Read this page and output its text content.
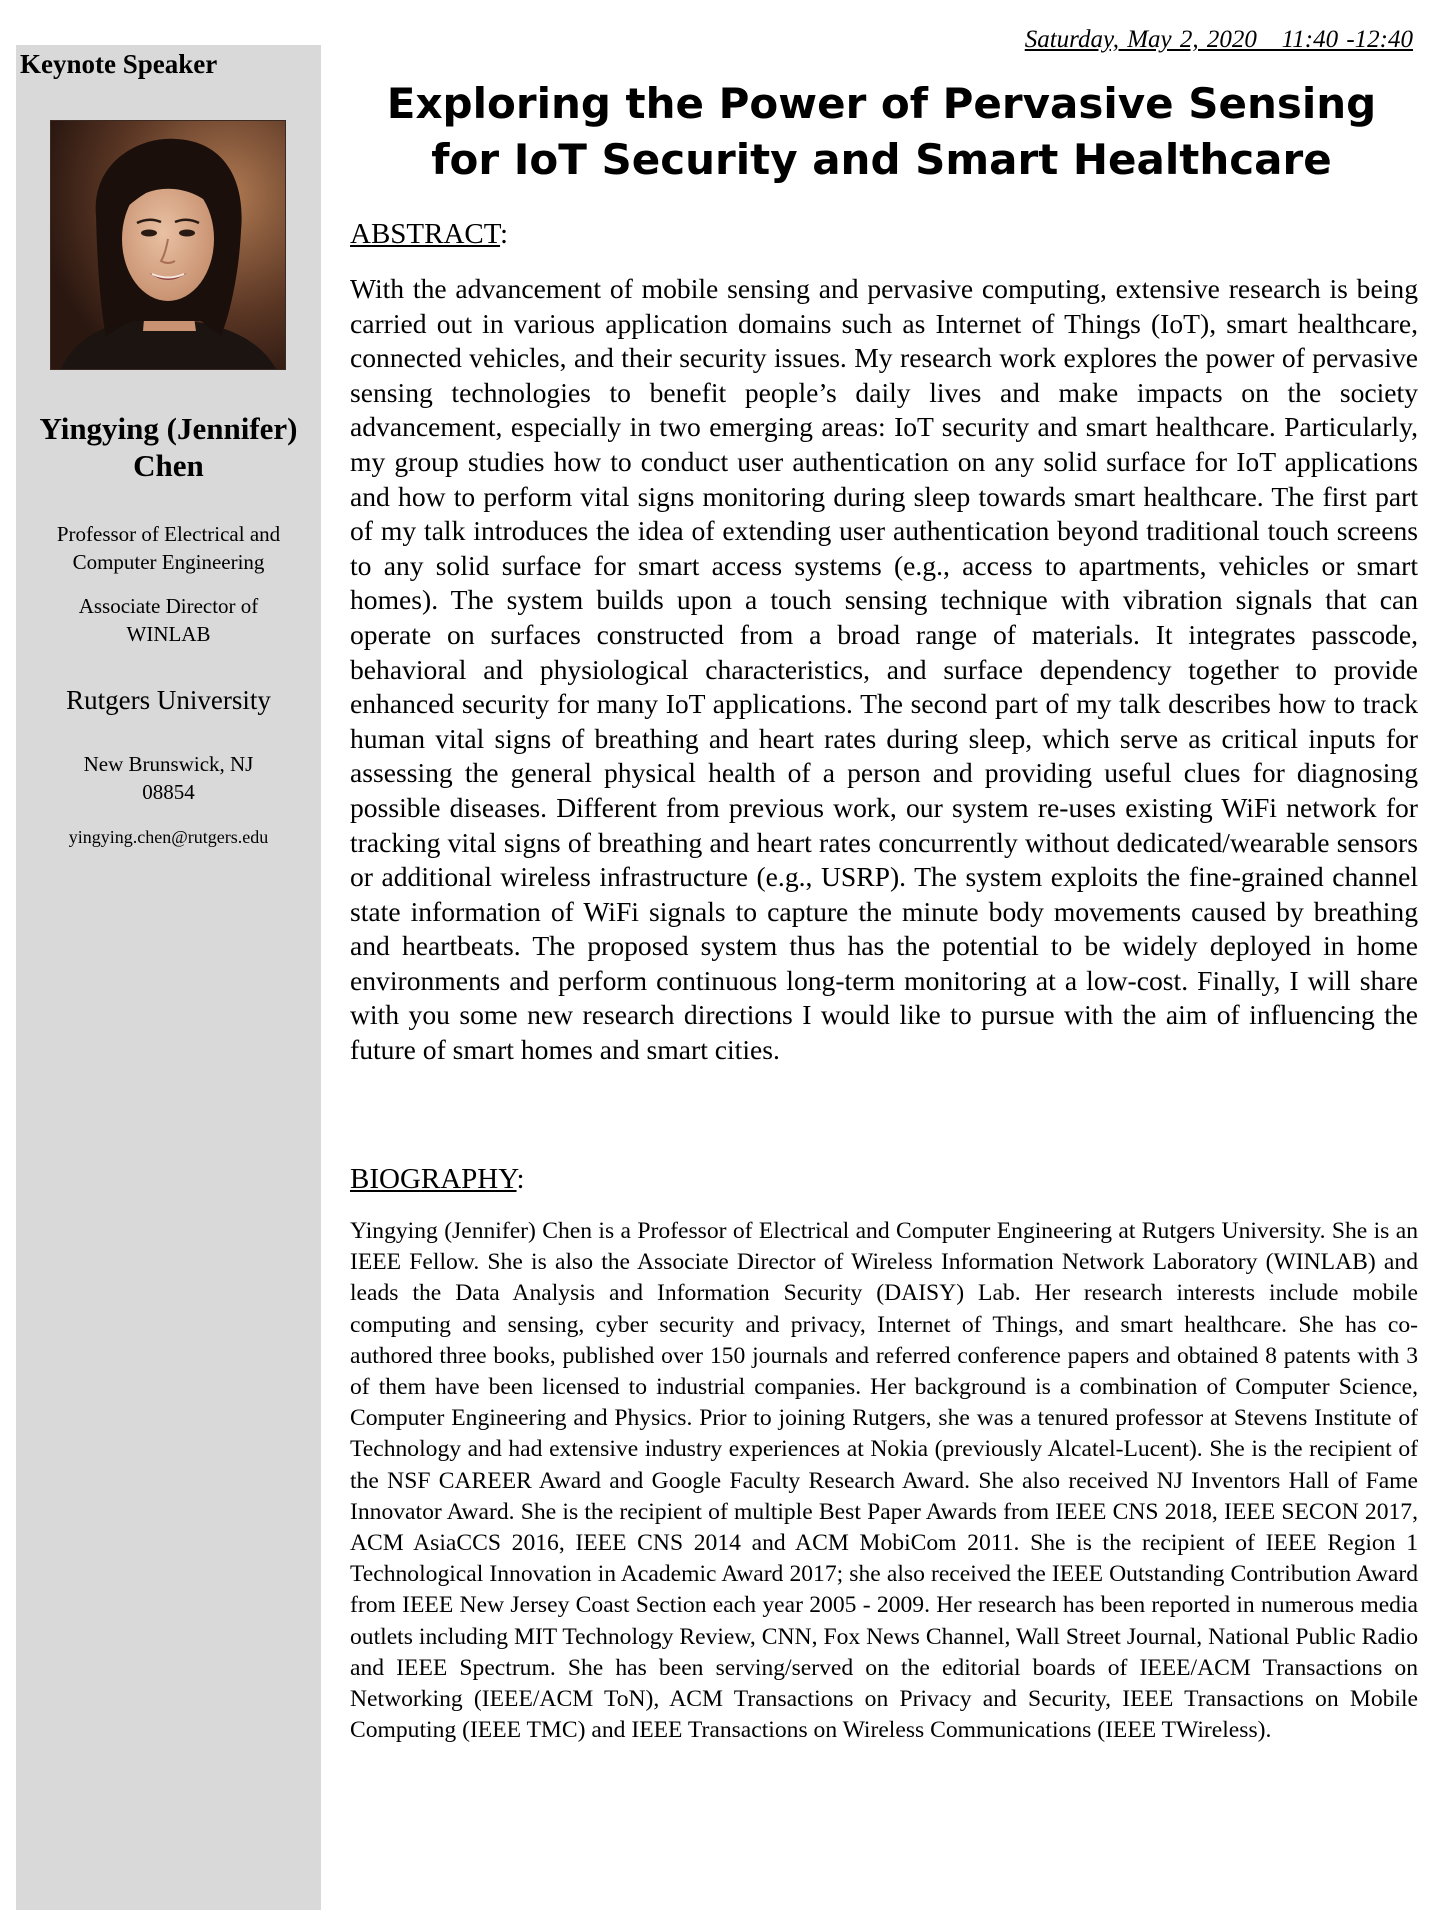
Keynote Speaker

Yingying (Jennifer)
Chen
Professor of Electrical and
Computer Engineering
Associate Director of
WINLAB
Rutgers University
New Brunswick, NJ
08854
yingying.chen@rutgers.edu

Saturday, May 2, 2020   11:40 -12:40

Exploring the Power of Pervasive Sensing
for IoT Security and Smart Healthcare

ABSTRACT:

With the advancement of mobile sensing and pervasive computing, extensive research is being carried out in various application domains such as Internet of Things (IoT), smart healthcare, connected vehicles, and their security issues. My research work explores the power of pervasive sensing technologies to benefit people’s daily lives and make impacts on the society advancement, especially in two emerging areas: IoT security and smart healthcare. Particularly, my group studies how to conduct user authentication on any solid surface for IoT applications and how to perform vital signs monitoring during sleep towards smart healthcare. The first part of my talk introduces the idea of extending user authentication beyond traditional touch screens to any solid surface for smart access systems (e.g., access to apartments, vehicles or smart homes). The system builds upon a touch sensing technique with vibration signals that can operate on surfaces constructed from a broad range of materials. It integrates passcode, behavioral and physiological characteristics, and surface dependency together to provide enhanced security for many IoT applications. The second part of my talk describes how to track human vital signs of breathing and heart rates during sleep, which serve as critical inputs for assessing the general physical health of a person and providing useful clues for diagnosing possible diseases. Different from previous work, our system re-uses existing WiFi network for tracking vital signs of breathing and heart rates concurrently without dedicated/wearable sensors or additional wireless infrastructure (e.g., USRP). The system exploits the fine-grained channel state information of WiFi signals to capture the minute body movements caused by breathing and heartbeats. The proposed system thus has the potential to be widely deployed in home environments and perform continuous long-term monitoring at a low-cost. Finally, I will share with you some new research directions I would like to pursue with the aim of influencing the future of smart homes and smart cities.

BIOGRAPHY:

Yingying (Jennifer) Chen is a Professor of Electrical and Computer Engineering at Rutgers University. She is an IEEE Fellow. She is also the Associate Director of Wireless Information Network Laboratory (WINLAB) and leads the Data Analysis and Information Security (DAISY) Lab. Her research interests include mobile computing and sensing, cyber security and privacy, Internet of Things, and smart healthcare. She has co-authored three books, published over 150 journals and referred conference papers and obtained 8 patents with 3 of them have been licensed to industrial companies. Her background is a combination of Computer Science, Computer Engineering and Physics. Prior to joining Rutgers, she was a tenured professor at Stevens Institute of Technology and had extensive industry experiences at Nokia (previously Alcatel-Lucent). She is the recipient of the NSF CAREER Award and Google Faculty Research Award. She also received NJ Inventors Hall of Fame Innovator Award. She is the recipient of multiple Best Paper Awards from IEEE CNS 2018, IEEE SECON 2017, ACM AsiaCCS 2016, IEEE CNS 2014 and ACM MobiCom 2011. She is the recipient of IEEE Region 1 Technological Innovation in Academic Award 2017; she also received the IEEE Outstanding Contribution Award from IEEE New Jersey Coast Section each year 2005 - 2009. Her research has been reported in numerous media outlets including MIT Technology Review, CNN, Fox News Channel, Wall Street Journal, National Public Radio and IEEE Spectrum. She has been serving/served on the editorial boards of IEEE/ACM Transactions on Networking (IEEE/ACM ToN), ACM Transactions on Privacy and Security, IEEE Transactions on Mobile Computing (IEEE TMC) and IEEE Transactions on Wireless Communications (IEEE TWireless).
